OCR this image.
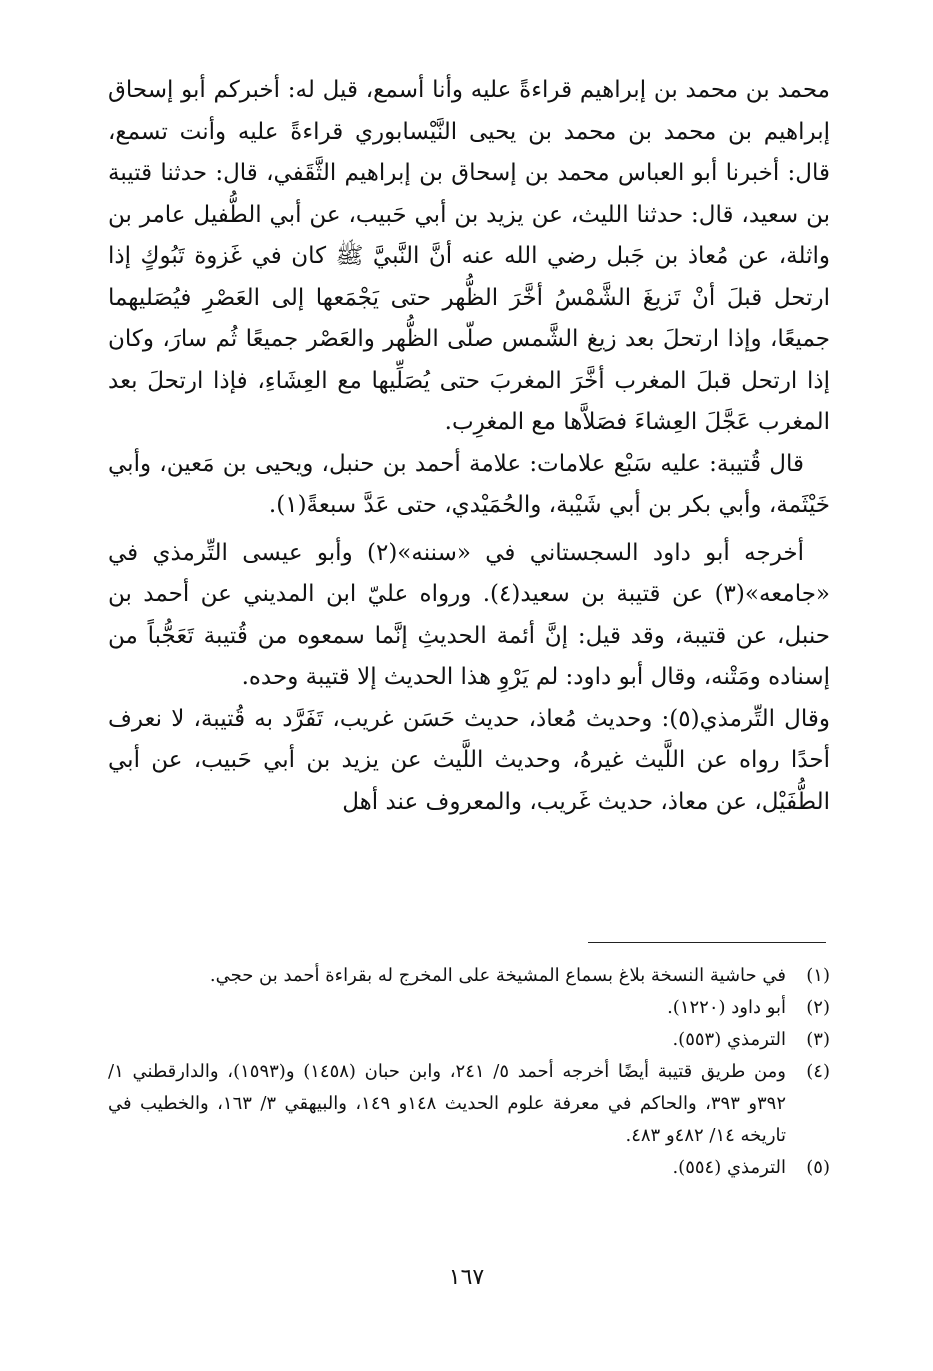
محمد بن محمد بن إبراهيم قراءةً عليه وأنا أسمع، قيل له: أخبركم أبو إسحاق إبراهيم بن محمد بن محمد بن يحيى النَّيْسابوري قراءةً عليه وأنت تسمع، قال: أخبرنا أبو العباس محمد بن إسحاق بن إبراهيم الثَّقَفي، قال: حدثنا قتيبة بن سعيد، قال: حدثنا الليث، عن يزيد بن أبي حَبيب، عن أبي الطُّفيل عامر بن واثلة، عن مُعاذ بن جَبل رضي الله عنه أنَّ النَّبيَّ ﷺ كان في غَزوة تَبُوكٍ إذا ارتحل قبلَ أنْ تَزيغَ الشَّمْسُ أخَّرَ الظُّهر حتى يَجْمَعها إلى العَصْرِ فيُصَليهما جميعًا، وإذا ارتحلَ بعد زيغ الشَّمس صلّى الظُّهر والعَصْر جميعًا ثُم سارَ، وكان إذا ارتحل قبلَ المغرب أخَّرَ المغربَ حتى يُصَلِّيها مع العِشَاءِ، فإذا ارتحلَ بعد المغرب عَجَّلَ العِشاءَ فصَلاَّها مع المغرِب.

قال قُتيبة: عليه سَبْع علامات: علامة أحمد بن حنبل، ويحيى بن مَعين، وأبي خَيْثَمة، وأبي بكر بن أبي شَيْبة، والحُمَيْدي، حتى عَدَّ سبعةً(١).

أخرجه أبو داود السجستاني في «سننه»(٢) وأبو عيسى التِّرمذي في «جامعه»(٣) عن قتيبة بن سعيد(٤). ورواه عليّ ابن المديني عن أحمد بن حنبل، عن قتيبة، وقد قيل: إنَّ أئمة الحديثِ إنَّما سمعوه من قُتيبة تَعَجُّباً من إسناده ومَتْنه، وقال أبو داود: لم يَرْوِ هذا الحديث إلا قتيبة وحده.

وقال التِّرمذي(٥): وحديث مُعاذ، حديث حَسَن غريب، تَفَرَّد به قُتيبة، لا نعرف أحدًا رواه عن اللَّيث غيرهُ، وحديث اللَّيث عن يزيد بن أبي حَبيب، عن أبي الطُّفَيْل، عن معاذ، حديث غَريب، والمعروف عند أهل

(١)
في حاشية النسخة بلاغ بسماع المشيخة على المخرج له بقراءة أحمد بن حجي.
(٢)
أبو داود (١٢٢٠).
(٣)
الترمذي (٥٥٣).
(٤)
ومن طريق قتيبة أيضًا أخرجه أحمد ٥/ ٢٤١، وابن حبان (١٤٥٨) و(١٥٩٣)، والدارقطني ١/ ٣٩٢و ٣٩٣، والحاكم في معرفة علوم الحديث ١٤٨و ١٤٩، والبيهقي ٣/ ١٦٣، والخطيب في تاريخه ١٤/ ٤٨٢و ٤٨٣.
(٥)
الترمذي (٥٥٤).
١٦٧
